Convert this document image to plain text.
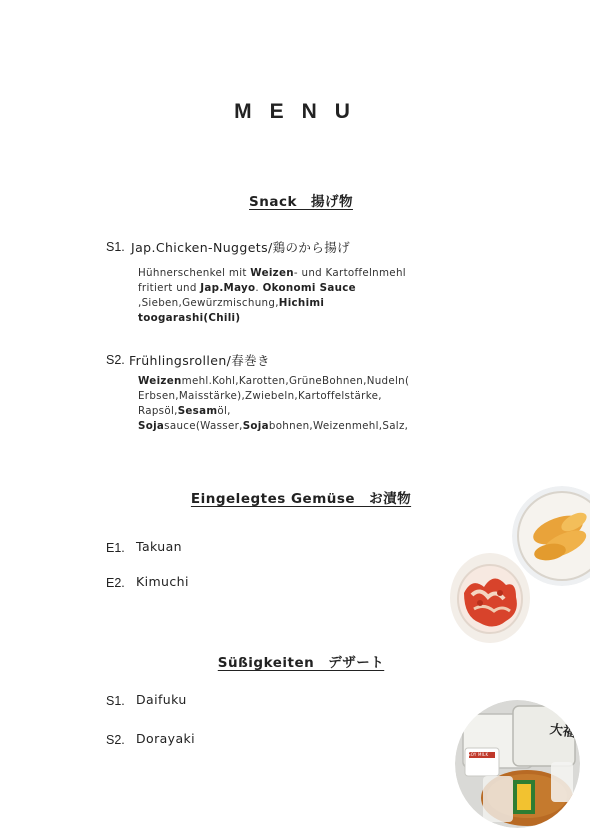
MENU
Snack　揚げ物
S1. Jap.Chicken-Nuggets/鶏のから揚げ
Hühnerschenkel mit Weizen- und Kartoffelnmehl
fritiert und Jap.Mayo. Okonomi Sauce
,Sieben,Gewürzmischung,Hichimi
toogarashi(Chili)
S2. Frühlingsrollen/春巻き
Weizenmehl.Kohl,Karotten,GrüneBohnen,Nudeln(
Erbsen,Maisstärke),Zwiebeln,Kartoffelstärke,
Rapsöl,Sesamöl,
Sojasauce(Wasser,Sojabohnen,Weizenmehl,Salz,
Eingelegtes Gemüse　お漬物
E1. Takuan
E2. Kimuchi
Süßigkeiten　デザート
S1. Daifuku
S2. Dorayaki	大福
SOY MILK
